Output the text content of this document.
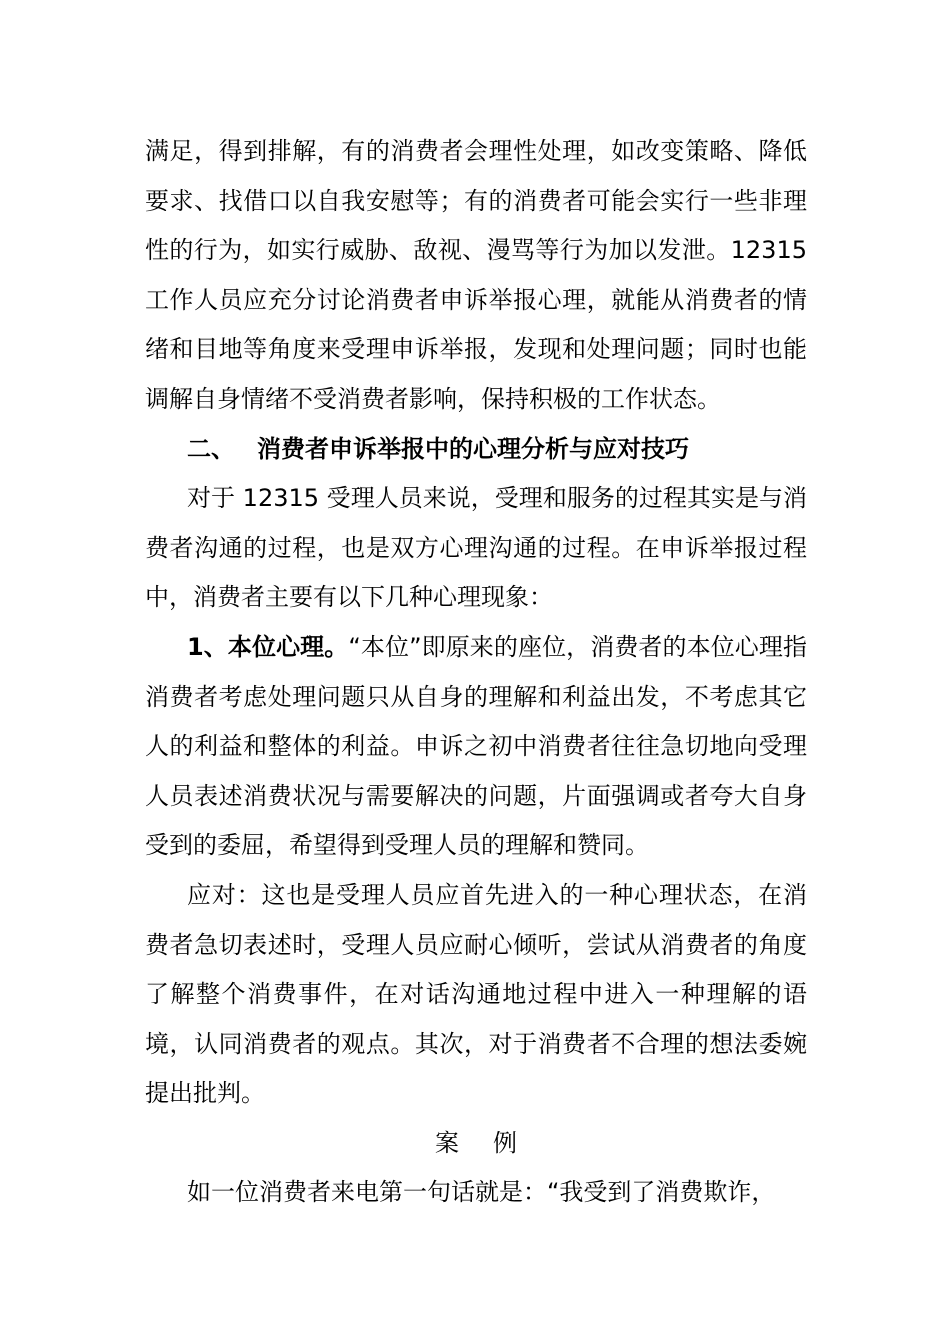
满足，得到排解，有的消费者会理性处理，如改变策略、降低要求、找借口以自我安慰等；有的消费者可能会实行一些非理性的行为，如实行威胁、敌视、漫骂等行为加以发泄。12315工作人员应充分讨论消费者申诉举报心理，就能从消费者的情绪和目地等角度来受理申诉举报，发现和处理问题；同时也能调解自身情绪不受消费者影响，保持积极的工作状态。

二、 消费者申诉举报中的心理分析与应对技巧

对于 12315 受理人员来说，受理和服务的过程其实是与消费者沟通的过程，也是双方心理沟通的过程。在申诉举报过程中，消费者主要有以下几种心理现象：

1、本位心理。“本位”即原来的座位，消费者的本位心理指消费者考虑处理问题只从自身的理解和利益出发，不考虑其它人的利益和整体的利益。申诉之初中消费者往往急切地向受理人员表述消费状况与需要解决的问题，片面强调或者夸大自身受到的委屈，希望得到受理人员的理解和赞同。

应对：这也是受理人员应首先进入的一种心理状态，在消费者急切表述时，受理人员应耐心倾听，尝试从消费者的角度了解整个消费事件，在对话沟通地过程中进入一种理解的语境，认同消费者的观点。其次，对于消费者不合理的想法委婉提出批判。

案例

如一位消费者来电第一句话就是：“我受到了消费欺诈，
